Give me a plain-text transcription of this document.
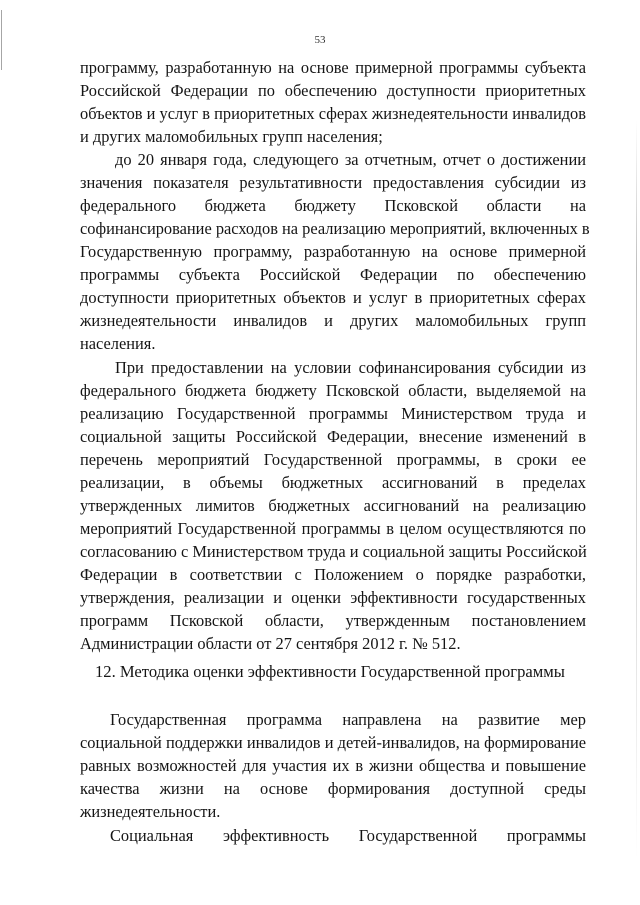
53
программу, разработанную на основе примерной программы субъекта
Российской Федерации по обеспечению доступности приоритетных
объектов и услуг в приоритетных сферах жизнедеятельности инвалидов
и других маломобильных групп населения;
до 20 января года, следующего за отчетным, отчет о достижении
значения показателя результативности предоставления субсидии из
федерального бюджета бюджету Псковской области на
софинансирование расходов на реализацию мероприятий, включенных в
Государственную программу, разработанную на основе примерной
программы субъекта Российской Федерации по обеспечению
доступности приоритетных объектов и услуг в приоритетных сферах
жизнедеятельности инвалидов и других маломобильных групп
населения.
При предоставлении на условии софинансирования субсидии из
федерального бюджета бюджету Псковской области, выделяемой на
реализацию Государственной программы Министерством труда и
социальной защиты Российской Федерации, внесение изменений в
перечень мероприятий Государственной программы, в сроки ее
реализации, в объемы бюджетных ассигнований в пределах
утвержденных лимитов бюджетных ассигнований на реализацию
мероприятий Государственной программы в целом осуществляются по
согласованию с Министерством труда и социальной защиты Российской
Федерации в соответствии с Положением о порядке разработки,
утверждения, реализации и оценки эффективности государственных
программ Псковской области, утвержденным постановлением
Администрации области от 27 сентября 2012 г. № 512.
12. Методика оценки эффективности Государственной программы
Государственная программа направлена на развитие мер
социальной поддержки инвалидов и детей-инвалидов, на формирование
равных возможностей для участия их в жизни общества и повышение
качества жизни на основе формирования доступной среды
жизнедеятельности.
Социальная эффективность Государственной программы
